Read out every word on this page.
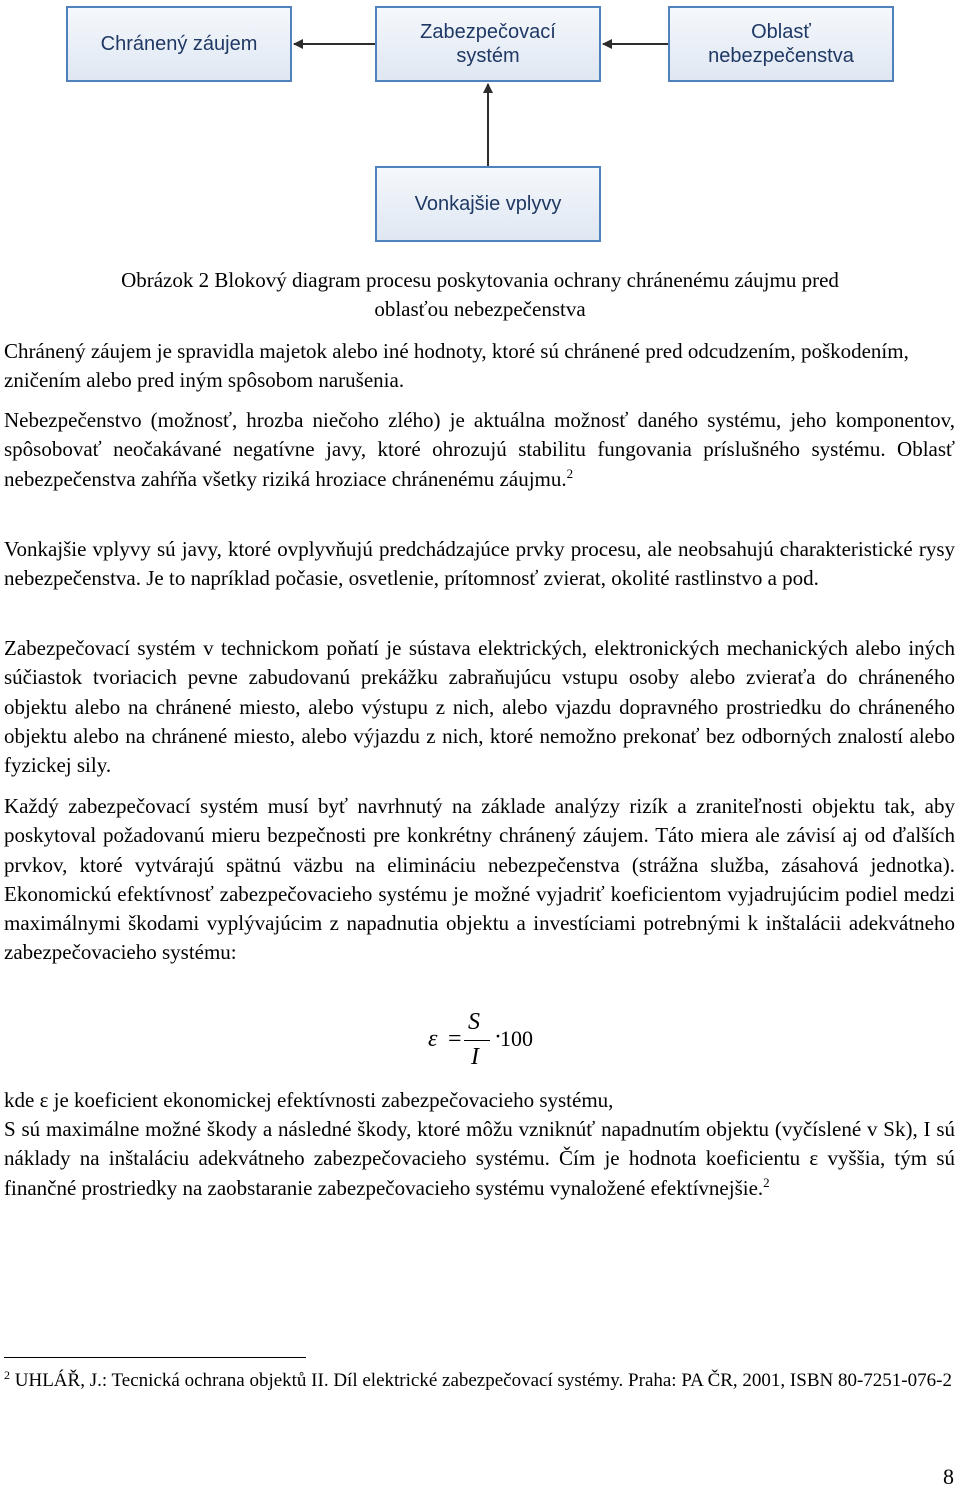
Chránený záujem
Zabezpečovací
systém
Oblasť
nebezpečenstva
Vonkajšie vplyvy
Obrázok 2 Blokový diagram procesu poskytovania ochrany chránenému záujmu pred
oblasťou nebezpečenstva

Chránený záujem je spravidla majetok alebo iné hodnoty, ktoré sú chránené pred odcudzením, poškodením, zničením alebo pred iným spôsobom narušenia.

Nebezpečenstvo (možnosť, hrozba niečoho zlého) je aktuálna možnosť daného systému, jeho komponentov, spôsobovať neočakávané negatívne javy, ktoré ohrozujú stabilitu fungovania príslušného systému. Oblasť nebezpečenstva zahŕňa všetky riziká hroziace chránenému záujmu.$^2$

Vonkajšie vplyvy sú javy, ktoré ovplyvňujú predchádzajúce prvky procesu, ale neobsahujú charakteristické rysy nebezpečenstva. Je to napríklad počasie, osvetlenie, prítomnosť zvierat, okolité rastlinstvo a pod.

Zabezpečovací systém v technickom poňatí je sústava elektrických, elektronických mechanických alebo iných súčiastok tvoriacich pevne zabudovanú prekážku zabraňujúcu vstupu osoby alebo zvieraťa do chráneného objektu alebo na chránené miesto, alebo výstupu z nich, alebo vjazdu dopravného prostriedku do chráneného objektu alebo na chránené miesto, alebo výjazdu z nich, ktoré nemožno prekonať bez odborných znalostí alebo fyzickej sily.

Každý zabezpečovací systém musí byť navrhnutý na základe analýzy rizík a zraniteľnosti objektu tak, aby poskytoval požadovanú mieru bezpečnosti pre konkrétny chránený záujem. Táto miera ale závisí aj od ďalších prvkov, ktoré vytvárajú spätnú väzbu na elimináciu nebezpečenstva (strážna služba, zásahová jednotka). Ekonomickú efektívnosť zabezpečovacieho systému je možné vyjadriť koeficientom vyjadrujúcim podiel medzi maximálnymi škodami vyplývajúcim z napadnutia objektu a investíciami potrebnými k inštalácii adekvátneho zabezpečovacieho systému:

ε =
S
I
·
100

kde ε je koeficient ekonomickej efektívnosti zabezpečovacieho systému,

S sú maximálne možné škody a následné škody, ktoré môžu vzniknúť napadnutím objektu (vyčíslené v Sk), I sú náklady na inštaláciu adekvátneho zabezpečovacieho systému. Čím je hodnota koeficientu ε vyššia, tým sú finančné prostriedky na zaobstaranie zabezpečovacieho systému vynaložené efektívnejšie.$^2$

$^2$ UHLÁŘ, J.: Tecnická ochrana objektů II. Díl elektrické zabezpečovací systémy. Praha: PA ČR, 2001, ISBN 80-7251-076-2

8
